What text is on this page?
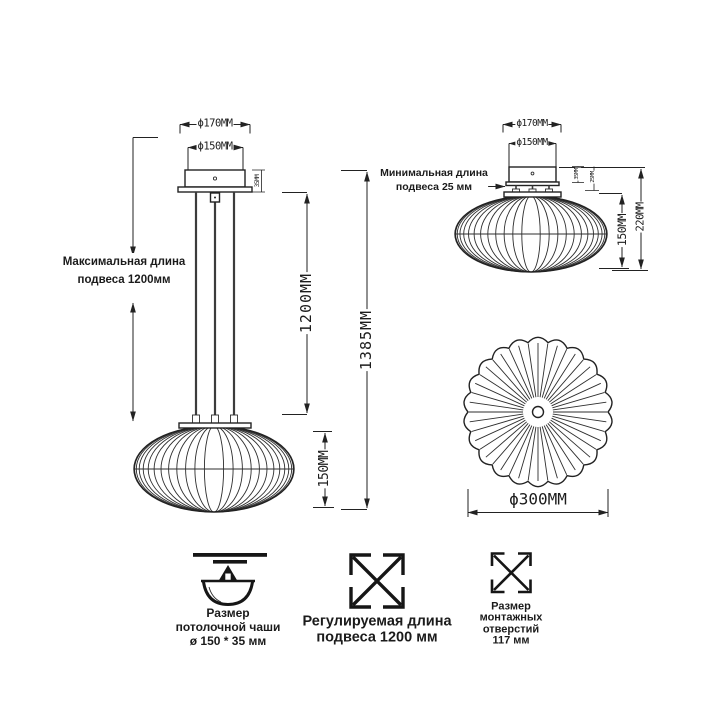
ϕ170MM
ϕ150MM
35MM
1200MM
1385MM
150MM
Максимальная длина
подвеса 1200мм
ϕ170MM
ϕ150MM
35MM 25MM
150MM 220MM
Минимальная длина
подвеса 25 мм
ϕ300MM
Размер
потолочной чаши
ø 150 * 35 мм
Регулируемая длина
подвеса 1200 мм
Размер
монтажных
отверстий
117 мм
